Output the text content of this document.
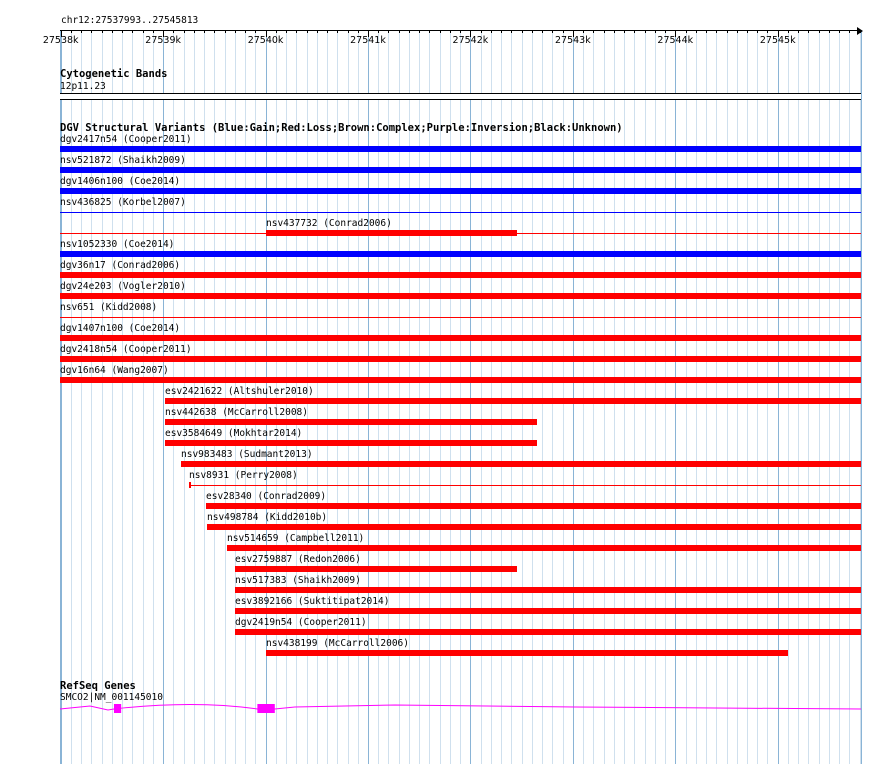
chr12:27537993..27545813
27538k	27539k	27540k	27541k	27542k	27543k	27544k	27545k
Cytogenetic Bands
12p11.23
DGV Structural Variants (Blue:Gain;Red:Loss;Brown:Complex;Purple:Inversion;Black:Unknown)
dgv2417n54 (Cooper2011)
nsv521872 (Shaikh2009)
dgv1406n100 (Coe2014)
nsv436825 (Korbel2007)
nsv437732 (Conrad2006)
nsv1052330 (Coe2014)
dgv36n17 (Conrad2006)
dgv24e203 (Vogler2010)
nsv651 (Kidd2008)
dgv1407n100 (Coe2014)
dgv2418n54 (Cooper2011)
dgv16n64 (Wang2007)
esv2421622 (Altshuler2010)
nsv442638 (McCarroll2008)
esv3584649 (Mokhtar2014)
nsv983483 (Sudmant2013)
nsv8931 (Perry2008)
esv28340 (Conrad2009)
nsv498784 (Kidd2010b)
nsv514659 (Campbell2011)
esv2759887 (Redon2006)
nsv517383 (Shaikh2009)
esv3892166 (Suktitipat2014)
dgv2419n54 (Cooper2011)
nsv438199 (McCarroll2006)
RefSeq Genes
SMCO2|NM_001145010
